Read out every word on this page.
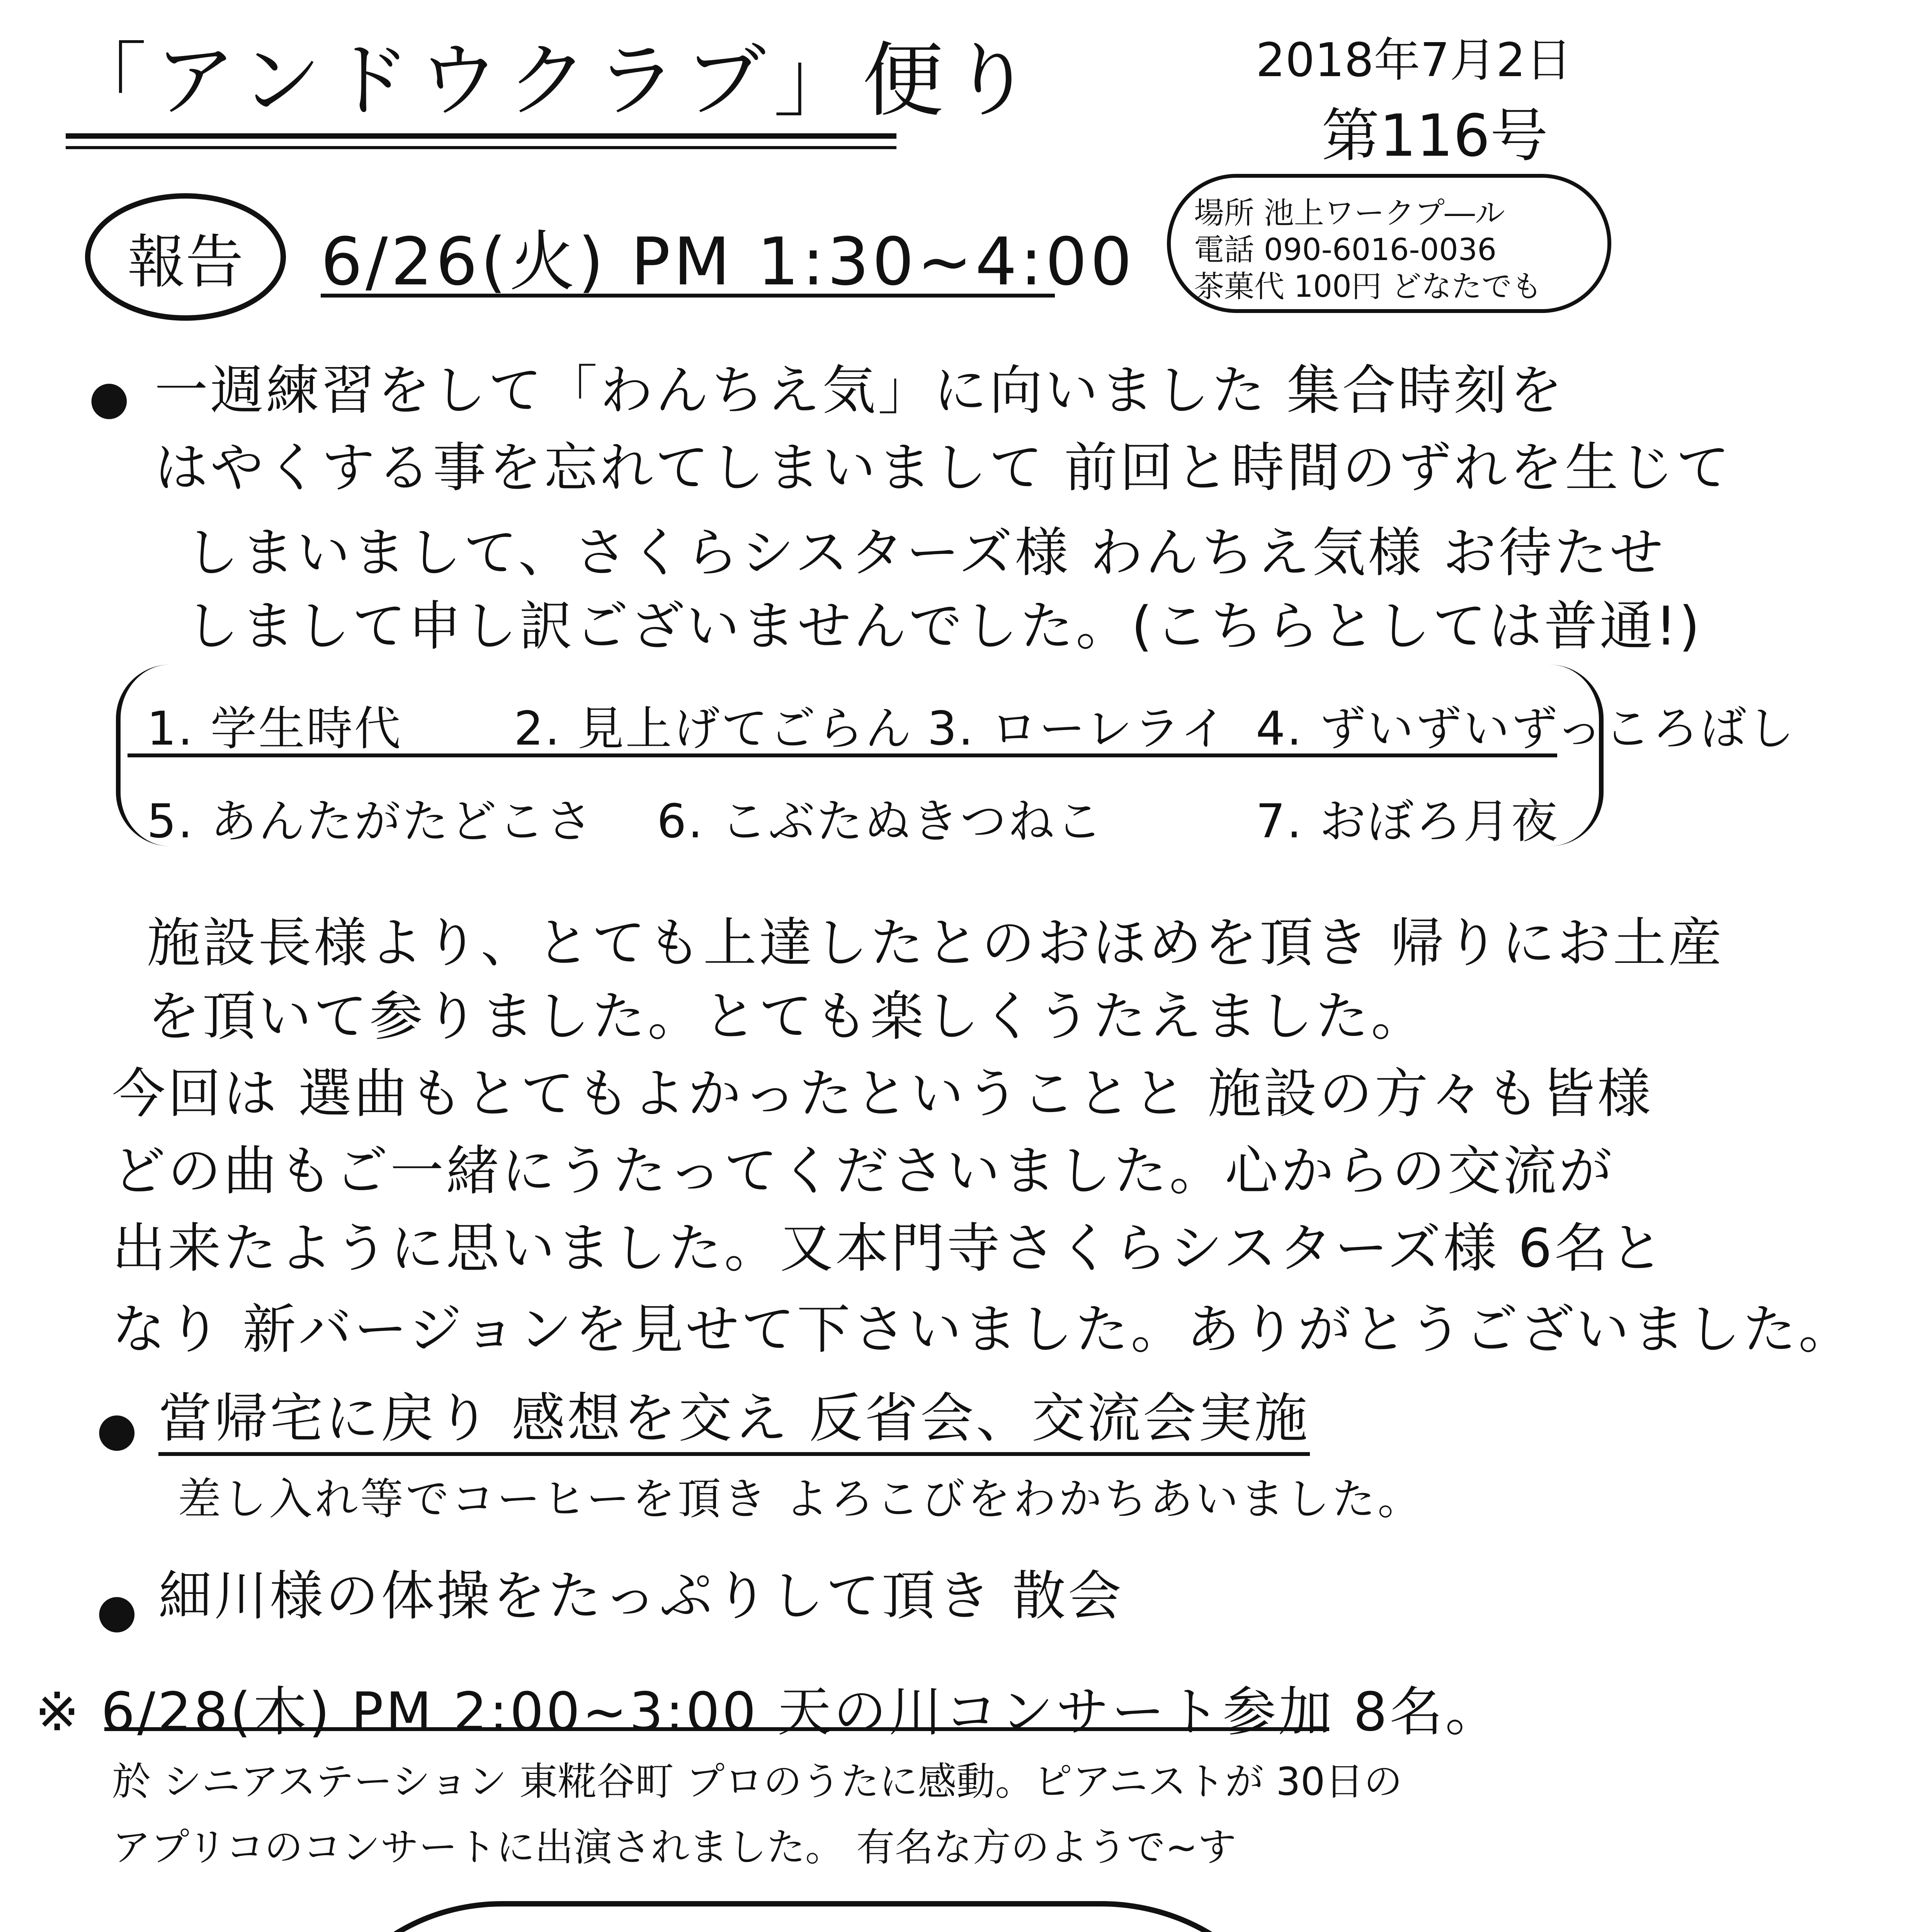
「アンドウクラブ」便り	2018年7月2日
第116号
場所 池上ワークプ―ル
電話 090-6016-0036
茶菓代 100円 どなたでも
報告 6/26(火) PM 1:30~4:00
● 一週練習をして「わんちえ気」に向いました 集合時刻を
はやくする事を忘れてしまいまして 前回と時間のずれを生じて
しまいまして、さくらシスターズ様 わんちえ気様 お待たせ
しまして申し訳ございませんでした。(こちらとしては普通!)
1. 学生時代 2. 見上げてごらん 3. ローレライ 4. ずいずいずっころばし
5. あんたがたどこさ 6. こぶたぬきつねこ	7. おぼろ月夜
施設長様より、とても上達したとのおほめを頂き 帰りにお土産
を頂いて参りました。とても楽しくうたえました。
今回は 選曲もとてもよかったということと 施設の方々も皆様
どの曲もご一緒にうたってくださいました。心からの交流が
出来たように思いました。又本門寺さくらシスターズ様 6名と
なり 新バージョンを見せて下さいました。ありがとうございました。
● 當帰宅に戻り 感想を交え 反省会、交流会実施
差し入れ等でコーヒーを頂き よろこびをわかちあいました。
● 細川様の体操をたっぷりして頂き 散会
※ 6/28(木) PM 2:00~3:00 天の川コンサート参加 8名。
於 シニアステーション 東糀谷町 プロのうたに感動。ピアニストが 30日の
アプリコのコンサートに出演されました。 有名な方のようで~す
